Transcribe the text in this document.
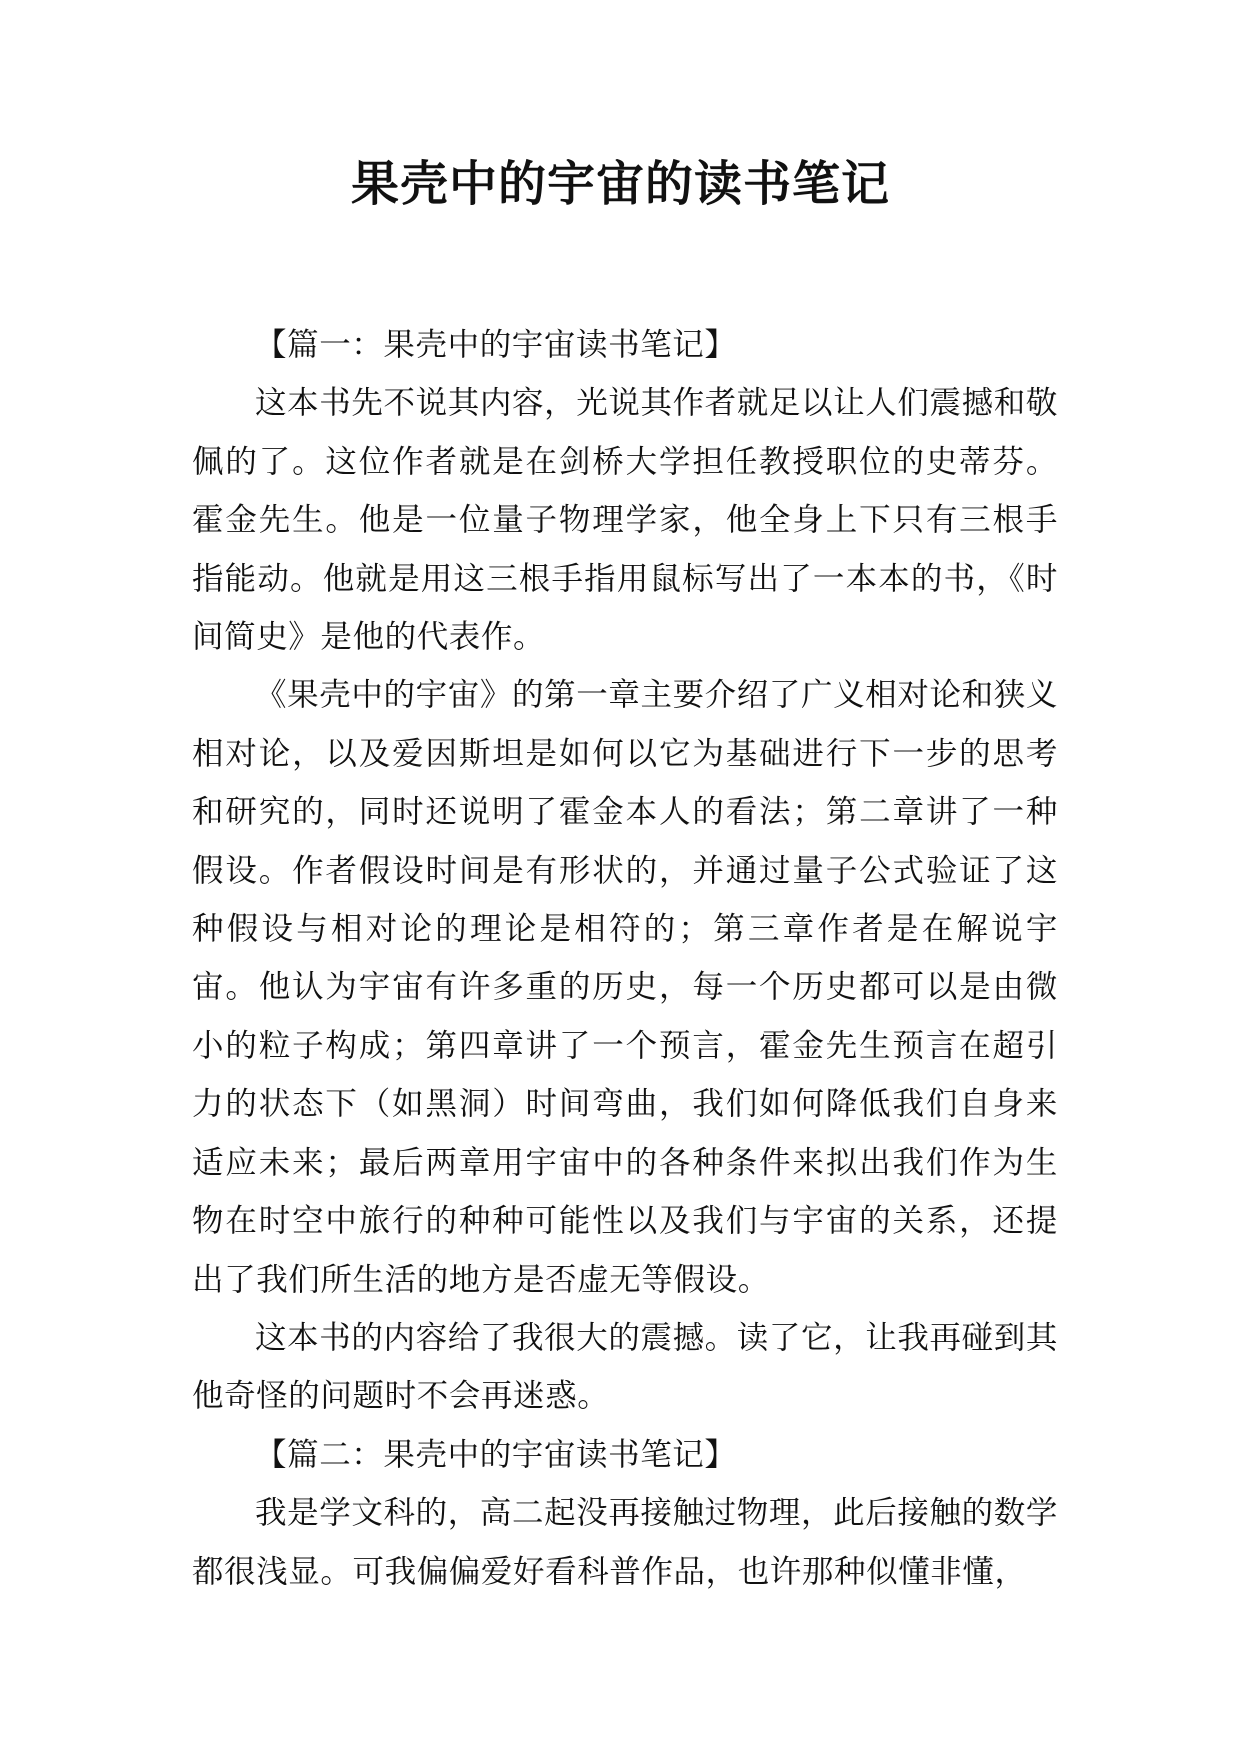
果壳中的宇宙的读书笔记

【篇一：果壳中的宇宙读书笔记】

这本书先不说其内容，光说其作者就足以让人们震撼和敬佩的了。这位作者就是在剑桥大学担任教授职位的史蒂芬。霍金先生。他是一位量子物理学家，他全身上下只有三根手指能动。他就是用这三根手指用鼠标写出了一本本的书，《时间简史》是他的代表作。

《果壳中的宇宙》的第一章主要介绍了广义相对论和狭义相对论，以及爱因斯坦是如何以它为基础进行下一步的思考和研究的，同时还说明了霍金本人的看法；第二章讲了一种假设。作者假设时间是有形状的，并通过量子公式验证了这种假设与相对论的理论是相符的；第三章作者是在解说宇宙。他认为宇宙有许多重的历史，每一个历史都可以是由微小的粒子构成；第四章讲了一个预言，霍金先生预言在超引力的状态下（如黑洞）时间弯曲，我们如何降低我们自身来适应未来；最后两章用宇宙中的各种条件来拟出我们作为生物在时空中旅行的种种可能性以及我们与宇宙的关系，还提出了我们所生活的地方是否虚无等假设。

这本书的内容给了我很大的震撼。读了它，让我再碰到其他奇怪的问题时不会再迷惑。

【篇二：果壳中的宇宙读书笔记】

我是学文科的，高二起没再接触过物理，此后接触的数学都很浅显。可我偏偏爱好看科普作品，也许那种似懂非懂，
